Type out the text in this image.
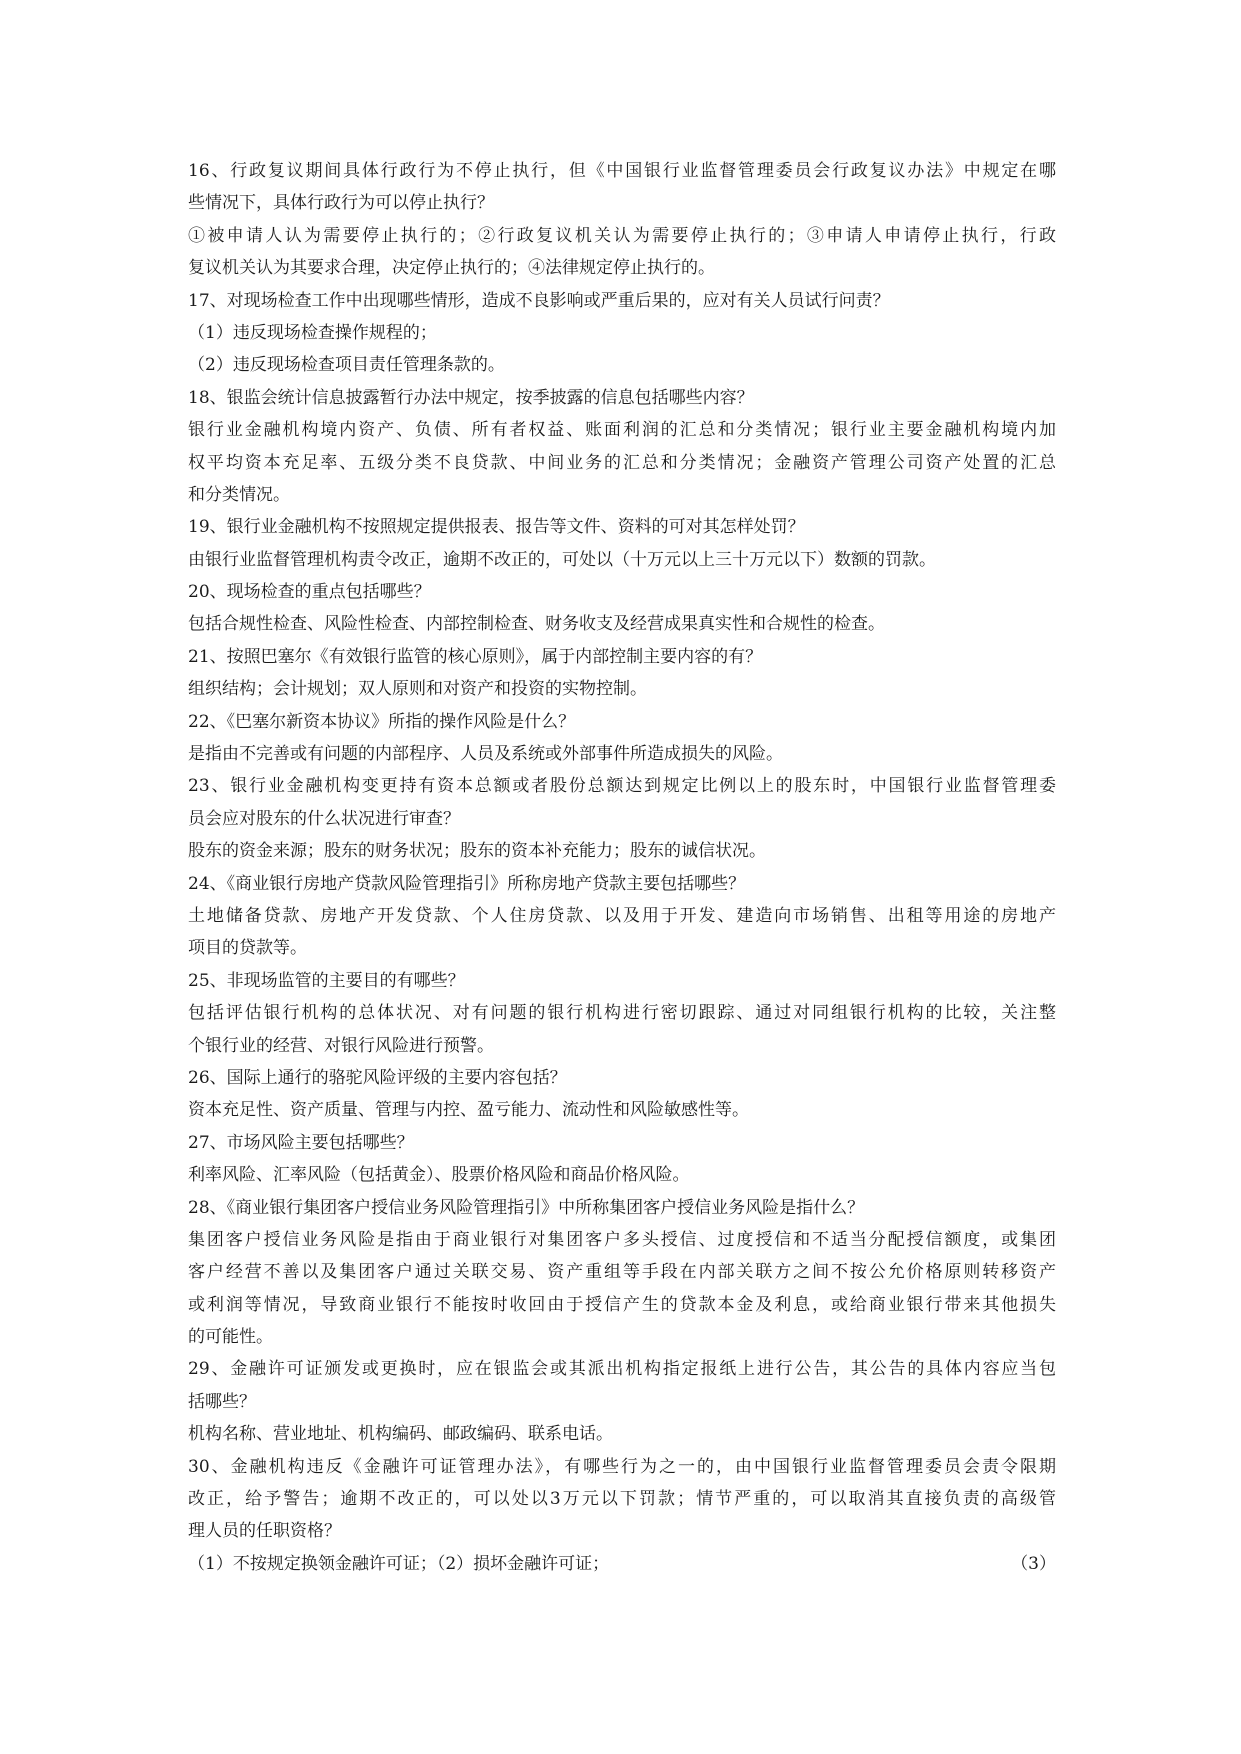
16、行政复议期间具体行政行为不停止执行，但《中国银行业监督管理委员会行政复议办法》中规定在哪
些情况下，具体行政行为可以停止执行？
①被申请人认为需要停止执行的；②行政复议机关认为需要停止执行的；③申请人申请停止执行，行政
复议机关认为其要求合理，决定停止执行的；④法律规定停止执行的。
17、对现场检查工作中出现哪些情形，造成不良影响或严重后果的，应对有关人员试行问责？
（1）违反现场检查操作规程的；
（2）违反现场检查项目责任管理条款的。
18、银监会统计信息披露暂行办法中规定，按季披露的信息包括哪些内容？
银行业金融机构境内资产、负债、所有者权益、账面利润的汇总和分类情况；银行业主要金融机构境内加
权平均资本充足率、五级分类不良贷款、中间业务的汇总和分类情况；金融资产管理公司资产处置的汇总
和分类情况。
19、银行业金融机构不按照规定提供报表、报告等文件、资料的可对其怎样处罚？
由银行业监督管理机构责令改正，逾期不改正的，可处以（十万元以上三十万元以下）数额的罚款。
20、现场检查的重点包括哪些？
包括合规性检查、风险性检查、内部控制检查、财务收支及经营成果真实性和合规性的检查。
21、按照巴塞尔《有效银行监管的核心原则》，属于内部控制主要内容的有？
组织结构；会计规划；双人原则和对资产和投资的实物控制。
22、《巴塞尔新资本协议》所指的操作风险是什么？
是指由不完善或有问题的内部程序、人员及系统或外部事件所造成损失的风险。
23、银行业金融机构变更持有资本总额或者股份总额达到规定比例以上的股东时，中国银行业监督管理委
员会应对股东的什么状况进行审查？
股东的资金来源；股东的财务状况；股东的资本补充能力；股东的诚信状况。
24、《商业银行房地产贷款风险管理指引》所称房地产贷款主要包括哪些？
土地储备贷款、房地产开发贷款、个人住房贷款、以及用于开发、建造向市场销售、出租等用途的房地产
项目的贷款等。
25、非现场监管的主要目的有哪些？
包括评估银行机构的总体状况、对有问题的银行机构进行密切跟踪、通过对同组银行机构的比较，关注整
个银行业的经营、对银行风险进行预警。
26、国际上通行的骆驼风险评级的主要内容包括？
资本充足性、资产质量、管理与内控、盈亏能力、流动性和风险敏感性等。
27、市场风险主要包括哪些？
利率风险、汇率风险（包括黄金）、股票价格风险和商品价格风险。
28、《商业银行集团客户授信业务风险管理指引》中所称集团客户授信业务风险是指什么？
集团客户授信业务风险是指由于商业银行对集团客户多头授信、过度授信和不适当分配授信额度，或集团
客户经营不善以及集团客户通过关联交易、资产重组等手段在内部关联方之间不按公允价格原则转移资产
或利润等情况，导致商业银行不能按时收回由于授信产生的贷款本金及利息，或给商业银行带来其他损失
的可能性。
29、金融许可证颁发或更换时，应在银监会或其派出机构指定报纸上进行公告，其公告的具体内容应当包
括哪些？
机构名称、营业地址、机构编码、邮政编码、联系电话。
30、金融机构违反《金融许可证管理办法》，有哪些行为之一的，由中国银行业监督管理委员会责令限期
改正，给予警告；逾期不改正的，可以处以3万元以下罚款；情节严重的，可以取消其直接负责的高级管
理人员的任职资格？
（1）不按规定换领金融许可证；（2）损坏金融许可证；	（3）
